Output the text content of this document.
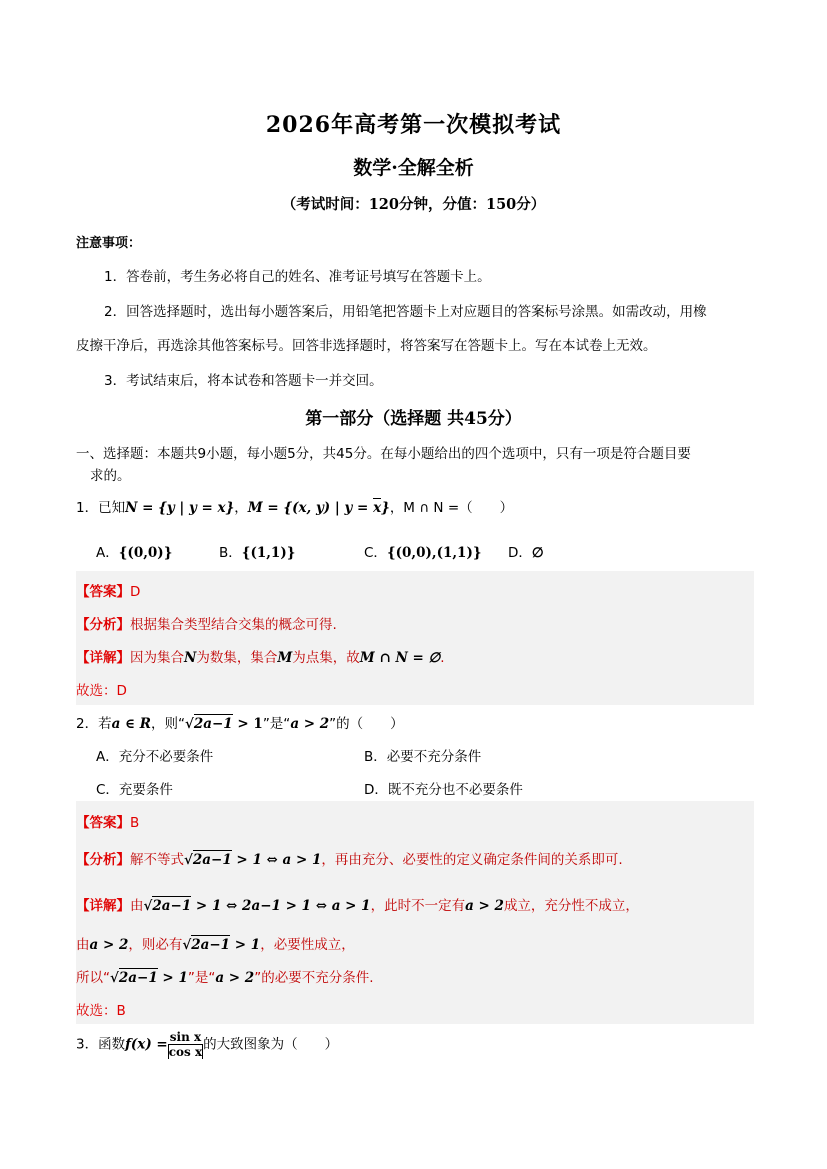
2026年高考第一次模拟考试
数学·全解全析
（考试时间：120分钟，分值：150分）
注意事项：
1．答卷前，考生务必将自己的姓名、准考证号填写在答题卡上。
2．回答选择题时，选出每小题答案后，用铅笔把答题卡上对应题目的答案标号涂黑。如需改动，用橡
皮擦干净后，再选涂其他答案标号。回答非选择题时，将答案写在答题卡上。写在本试卷上无效。
3．考试结束后，将本试卷和答题卡一并交回。
第一部分（选择题 共45分）
一、选择题：本题共9小题，每小题5分，共45分。在每小题给出的四个选项中，只有一项是符合题目要
求的。
1．已知N = {y | y = x}，M = {(x, y) | y = x}，M ∩ N =（　　）
A．{(0,0)}	B．{(1,1)}	C．{(0,0),(1,1)} D．∅
【答案】D
【分析】根据集合类型结合交集的概念可得.
【详解】因为集合N为数集，集合M为点集，故M ∩ N = ∅.
故选：D
2．若a ∈ R，则“√2a−1 > 1”是“a > 2”的（　　）
A．充分不必要条件	B．必要不充分条件
C．充要条件	D．既不充分也不必要条件
【答案】B
【分析】解不等式√2a−1 > 1 ⇔ a > 1，再由充分、必要性的定义确定条件间的关系即可.
【详解】由√2a−1 > 1 ⇔ 2a−1 > 1 ⇔ a > 1，此时不一定有a > 2成立，充分性不成立，
由a > 2，则必有√2a−1 > 1，必要性成立，
所以“√2a−1 > 1”是“a > 2”的必要不充分条件.
故选：B
3．函数$f(x) = \frac{\text{sin x}}{\text{cos x}}$ 的大致图象为（　　）
